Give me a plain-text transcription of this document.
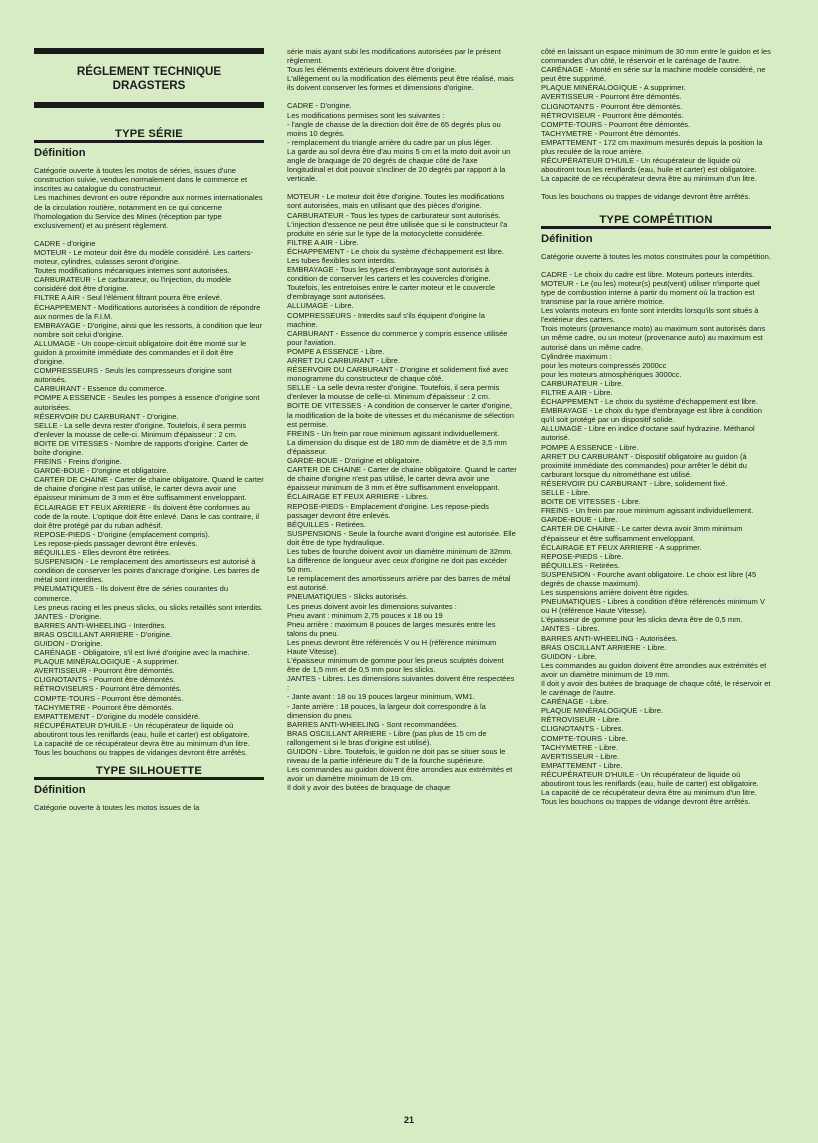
RÉGLEMENT TECHNIQUE
DRAGSTERS
TYPE SÉRIE
Définition

Catégorie ouverte à toutes les motos de séries, issues d'une construction suivie, vendues normalement dans le commerce et inscrites au catalogue du constructeur.

Les machines devront en outre répondre aux normes internationales de la circulation routière, notamment en ce qui concerne l'homologation du Service des Mines (réception par type exclusivement) et au présent règlement.

CADRE - d'origine

MOTEUR - Le moteur doit être du modèle considéré. Les carters-moteur, cylindres, culasses seront d'origine.

Toutes modifications mécaniques internes sont autorisées.

CARBURATEUR - Le carburateur, ou l'injection, du modèle considéré doit être d'origine.

FILTRE A AIR - Seul l'élément filtrant pourra être enlevé.

ÉCHAPPEMENT - Modifications autorisées à condition de répondre aux normes de la F.I.M.

EMBRAYAGE - D'origine, ainsi que les ressorts, à condition que leur nombre soit celui d'origine.

ALLUMAGE - Un coupe-circuit obligatoire doit être monté sur le guidon à proximité immédiate des commandes et il doit être d'origine.

COMPRESSEURS - Seuls les compresseurs d'origine sont autorisés.

CARBURANT - Essence du commerce.

POMPE A ESSENCE - Seules les pompes à essence d'origine sont autorisées.

RÉSERVOIR DU CARBURANT - D'origine.

SELLE - La selle devra rester d'origine. Toutefois, il sera permis d'enlever la mousse de celle-ci. Minimum d'épaisseur : 2 cm.

BOITE DE VITESSES - Nombre de rapports d'origine. Carter de boîte d'origine.

FREINS - Freins d'origine.

GARDE-BOUE - D'origine et obligatoire.

CARTER DE CHAINE - Carter de chaine obligatoire. Quand le carter de chaine d'origine n'est pas utilisé, le carter devra avoir une épaisseur minimum de 3 mm et être suffisamment enveloppant.

ÉCLAIRAGE ET FEUX ARRIERE - Ils doivent être conformes au code de la route. L'optique doit être enlevé. Dans le cas contraire, il doit être protégé par du ruban adhésif.

REPOSE-PIEDS - D'origine (emplacement compris).

Les repose-pieds passager devront être enlevés.

BÉQUILLES - Elles devront être retirées.

SUSPENSION - Le remplacement des amortisseurs est autorisé à condition de conserver les points d'ancrage d'origine. Les barres de métal sont interdites.

PNEUMATIQUES - Ils doivent être de séries courantes du commerce.

Les pneus racing et les pneus slicks, ou slicks retaillés sont interdits.

JANTES - D'origine.

BARRES ANTI-WHEELING - Interdites.

BRAS OSCILLANT ARRIERE - D'origine.

GUIDON - D'origine.

CARÉNAGE - Obligatoire, s'il est livré d'origine avec la machine.

PLAQUE MINÉRALOGIQUE - A supprimer.

AVERTISSEUR - Pourront être démontés.

CLIGNOTANTS - Pourront être démontés.

RÉTROVISEURS - Pourront être démontés.

COMPTE-TOURS - Pourront être démontés.

TACHYMETRE - Pourront être démontés.

EMPATTEMENT - D'origine du modèle considéré.

RÉCUPÉRATEUR D'HUILE - Un récupérateur de liquide où aboutiront tous les reniflards (eau, huile et carter) est obligatoire.

La capacité de ce récupérateur devra être au minimum d'un litre.

Tous les bouchons ou trappes de vidanges devront être arrêtés.

TYPE SILHOUETTE
Définition

Catégorie ouverte à toutes les motos issues de la

série mais ayant subi les modifications autorisées par le présent règlement.

Tous les éléments extérieurs doivent être d'origine.

L'allègement ou la modification des éléments peut être réalisé, mais ils doivent conserver les formes et dimensions d'origine.

CADRE - D'origine.

Les modifications permises sont les suivantes :

- l'angle de chasse de la direction doit être de 65 degrés plus ou moins 10 degrés.

- remplacement du triangle arrière du cadre par un plus léger.

La garde au sol devra être d'au moins 5 cm et la moto doit avoir un angle de braquage de 20 degrés de chaque côté de l'axe longitudinal et doit pouvoir s'incliner de 20 degrés par rapport à la verticale.

MOTEUR - Le moteur doit être d'origine. Toutes les modifications sont autorisées, mais en utilisant que des pièces d'origine.

CARBURATEUR - Tous les types de carburateur sont autorisés. L'injection d'essence ne peut être utilisée que si le constructeur l'a produite en série sur le type de la motocyclette considérée.

FILTRE A AIR - Libre.

ÉCHAPPEMENT - Le choix du système d'échappement est libre. Les tubes flexibles sont interdits.

EMBRAYAGE - Tous les types d'embrayage sont autorisés à condition de conserver les carters et les couvercles d'origine.

Toutefois, les entretoises entre le carter moteur et le couvercle d'embrayage sont autorisées.

ALLUMAGE - Libre.

COMPRESSEURS - Interdits sauf s'ils équipent d'origine la machine.

CARBURANT - Essence du commerce y compris essence utilisée pour l'aviation.

POMPE A ESSENCE - Libre.

ARRET DU CARBURANT - Libre.

RÉSERVOIR DU CARBURANT - D'origine et solidement fixé avec monogramme du constructeur de chaque côté.

SELLE - La selle devra rester d'origine. Toutefois, il sera permis d'enlever la mousse de celle-ci. Minimum d'épaisseur : 2 cm.

BOITE DE VITESSES - A condition de conserver le carter d'origine, la modification de la boite de vitesses et du mécanisme de sélection est permise.

FREINS - Un frein par roue minimum agissant individuellement.

La dimension du disque est de 180 mm de diamètre et de 3,5 mm d'épaisseur.

GARDE-BOUE - D'origine et obligatoire.

CARTER DE CHAINE - Carter de chaine obligatoire. Quand le carter de chaine d'origine n'est pas utilisé, le carter devra avoir une épaisseur minimum de 3 mm et être suffisamment enveloppant.

ÉCLAIRAGE ET FEUX ARRIERE - Libres.

REPOSE-PIEDS - Emplacement d'origine. Les repose-pieds passager devront être enlevés.

BÉQUILLES - Retirées.

SUSPENSIONS - Seule la fourche avant d'origine est autorisée. Elle doit être de type hydraulique.

Les tubes de fourche doivent avoir un diamètre minimum de 32mm. La différence de longueur avec ceux d'origine ne doit pas excéder 50 mm.

Le remplacement des amortisseurs arrière par des barres de métal est autorisé.

PNEUMATIQUES - Slicks autorisés.

Les pneus doivent avoir les dimensions suivantes :

Pneu avant : minimum 2,75 pouces x 18 ou 19

Pneu arrière : maximum 8 pouces de larges mesurés entre les talons du pneu.

Les pneus devront être référencés V ou H (référence minimum Haute Vitesse).

L'épaisseur minimum de gomme pour les pneus sculptés doivent être de 1,5 mm et de 0,5 mm pour les slicks.

JANTES - Libres. Les dimensions suivantes doivent être respectées :

- Jante avant : 18 ou 19 pouces largeur minimum, WM1.

- Jante arrière : 18 pouces, la largeur doit correspondre à la dimension du pneu.

BARRES ANTI-WHEELING - Sont recommandées.

BRAS OSCILLANT ARRIERE - Libre (pas plus de 15 cm de rallongement si le bras d'origine est utilisé).

GUIDON - Libre. Toutefois, le guidon ne doit pas se situer sous le niveau de la partie inférieure du T de la fourche supérieure.

Les commandes au guidon doivent être arrondies aux extrémités et avoir un diamètre minimum de 19 cm.

Il doit y avoir des butées de braquage de chaque

côté en laissant un espace minimum de 30 mm entre le guidon et les commandes d'un côté, le réservoir et le carénage de l'autre.

CARÉNAGE - Monté en série sur la machine modèle considéré, ne peut être supprimé.

PLAQUE MINÉRALOGIQUE - A supprimer.

AVERTISSEUR - Pourront être démontés.

CLIGNOTANTS - Pourront être démontés.

RÉTROVISEUR - Pourront être démontés.

COMPTE-TOURS - Pourront être démontés.

TACHYMETRE - Pourront être démontés.

EMPATTEMENT - 172 cm maximum mesurés depuis la position la plus reculée de la roue arrière.

RÉCUPÉRATEUR D'HUILE - Un récupérateur de liquide où aboutiront tous les reniflards (eau, huile et carter) est obligatoire.

La capacité de ce récupérateur devra être au minimum d'un litre.

Tous les bouchons ou trappes de vidange devront être arrêtés.

TYPE COMPÉTITION
Définition

Catégorie ouverte à toutes les motos construites pour la compétition.

CADRE - Le choix du cadre est libre. Moteurs porteurs interdits.

MOTEUR - Le (ou les) moteur(s) peut(vent) utiliser n'importe quel type de combustion interne à partir du moment où la traction est transmise par la roue arrière motrice.

Les volants moteurs en fonte sont interdits lorsqu'ils sont situés à l'extérieur des carters.

Trois moteurs (provenance moto) au maximum sont autorisés dans un même cadre, ou un moteur (provenance auto) au maximum est autorisé dans un même cadre.

Cylindrée maximum :

pour les moteurs compressés 2000cc

pour les moteurs atmosphériques 3000cc.

CARBURATEUR - Libre.

FILTRE A AIR - Libre.

ÉCHAPPEMENT - Le choix du système d'échappement est libre.

EMBRAYAGE - Le choix du type d'embrayage est libre à condition qu'il soit protégé par un dispositif solide.

ALLUMAGE - Libre en indice d'octane sauf hydrazine. Méthanol autorisé.

POMPE A ESSENCE - Libre.

ARRET DU CARBURANT - Dispositif obligatoire au guidon (à proximité immédiate des commandes) pour arrêter le débit du carburant lorsque du nitrométhane est utilisé.

RÉSERVOIR DU CARBURANT - Libre, solidement fixé.

SELLE - Libre.

BOITE DE VITESSES - Libre.

FREINS - Un frein par roue minimum agissant individuellement.

GARDE-BOUE - Libre.

CARTER DE CHAINE - Le carter devra avoir 3mm minimum d'épaisseur et être suffisamment enveloppant.

ÉCLAIRAGE ET FEUX ARRIERE - A supprimer.

REPOSE-PIEDS - Libre.

BÉQUILLES - Retirées.

SUSPENSION - Fourche avant obligatoire. Le choix est libre (45 degrés de chasse maximum).

Les suspensions arrière doivent être rigides.

PNEUMATIQUES - Libres à condition d'être référencés minimum V ou H (référence Haute Vitesse).

L'épaisseur de gomme pour les slicks devra être de 0,5 mm.

JANTES - Libres.

BARRES ANTI-WHEELING - Autorisées.

BRAS OSCILLANT ARRIERE - Libre.

GUIDON - Libre.

Les commandes au guidon doivent être arrondies aux extrémités et avoir un diamètre minimum de 19 mm.

Il doit y avoir des butées de braquage de chaque côté, le réservoir et le carénage de l'autre.

CARÉNAGE - Libre.

PLAQUE MINÉRALOGIQUE - Libre.

RÉTROVISEUR - Libre.

CLIGNOTANTS - Libres.

COMPTE-TOURS - Libre.

TACHYMETRE - Libre.

AVERTISSEUR - Libre.

EMPATTEMENT - Libre.

RÉCUPÉRATEUR D'HUILE - Un récupérateur de liquide où aboutiront tous les reniflards (eau, huile de carter) est obligatoire.

La capacité de ce récupérateur devra être au minimum d'un litre.

Tous les bouchons ou trappes de vidange devront être arrêtés.

21
